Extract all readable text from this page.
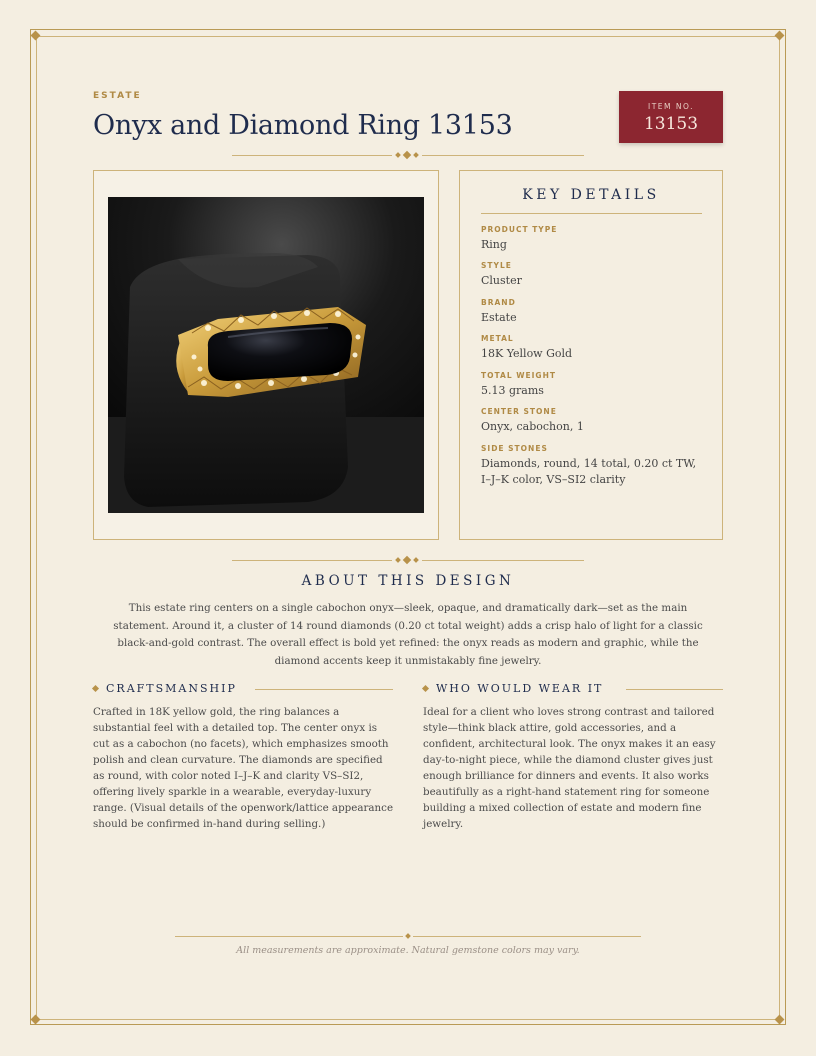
ESTATE
Onyx and Diamond Ring 13153
ITEM NO.
13153
KEY DETAILS
PRODUCT TYPE
Ring
STYLE
Cluster
BRAND
Estate
METAL
18K Yellow Gold
TOTAL WEIGHT
5.13 grams
CENTER STONE
Onyx, cabochon, 1
SIDE STONES
Diamonds, round, 14 total, 0.20 ct TW, I–J–K color, VS–SI2 clarity
ABOUT THIS DESIGN
This estate ring centers on a single cabochon onyx—sleek, opaque, and dramatically dark—set as the main statement. Around it, a cluster of 14 round diamonds (0.20 ct total weight) adds a crisp halo of light for a classic black-and-gold contrast. The overall effect is bold yet refined: the onyx reads as modern and graphic, while the diamond accents keep it unmistakably fine jewelry.
CRAFTSMANSHIP
Crafted in 18K yellow gold, the ring balances a substantial feel with a detailed top. The center onyx is cut as a cabochon (no facets), which emphasizes smooth polish and clean curvature. The diamonds are specified as round, with color noted I–J–K and clarity VS–SI2, offering lively sparkle in a wearable, everyday-luxury range. (Visual details of the openwork/lattice appearance should be confirmed in-hand during selling.)
WHO WOULD WEAR IT
Ideal for a client who loves strong contrast and tailored style—think black attire, gold accessories, and a confident, architectural look. The onyx makes it an easy day-to-night piece, while the diamond cluster gives just enough brilliance for dinners and events. It also works beautifully as a right-hand statement ring for someone building a mixed collection of estate and modern fine jewelry.
All measurements are approximate. Natural gemstone colors may vary.
